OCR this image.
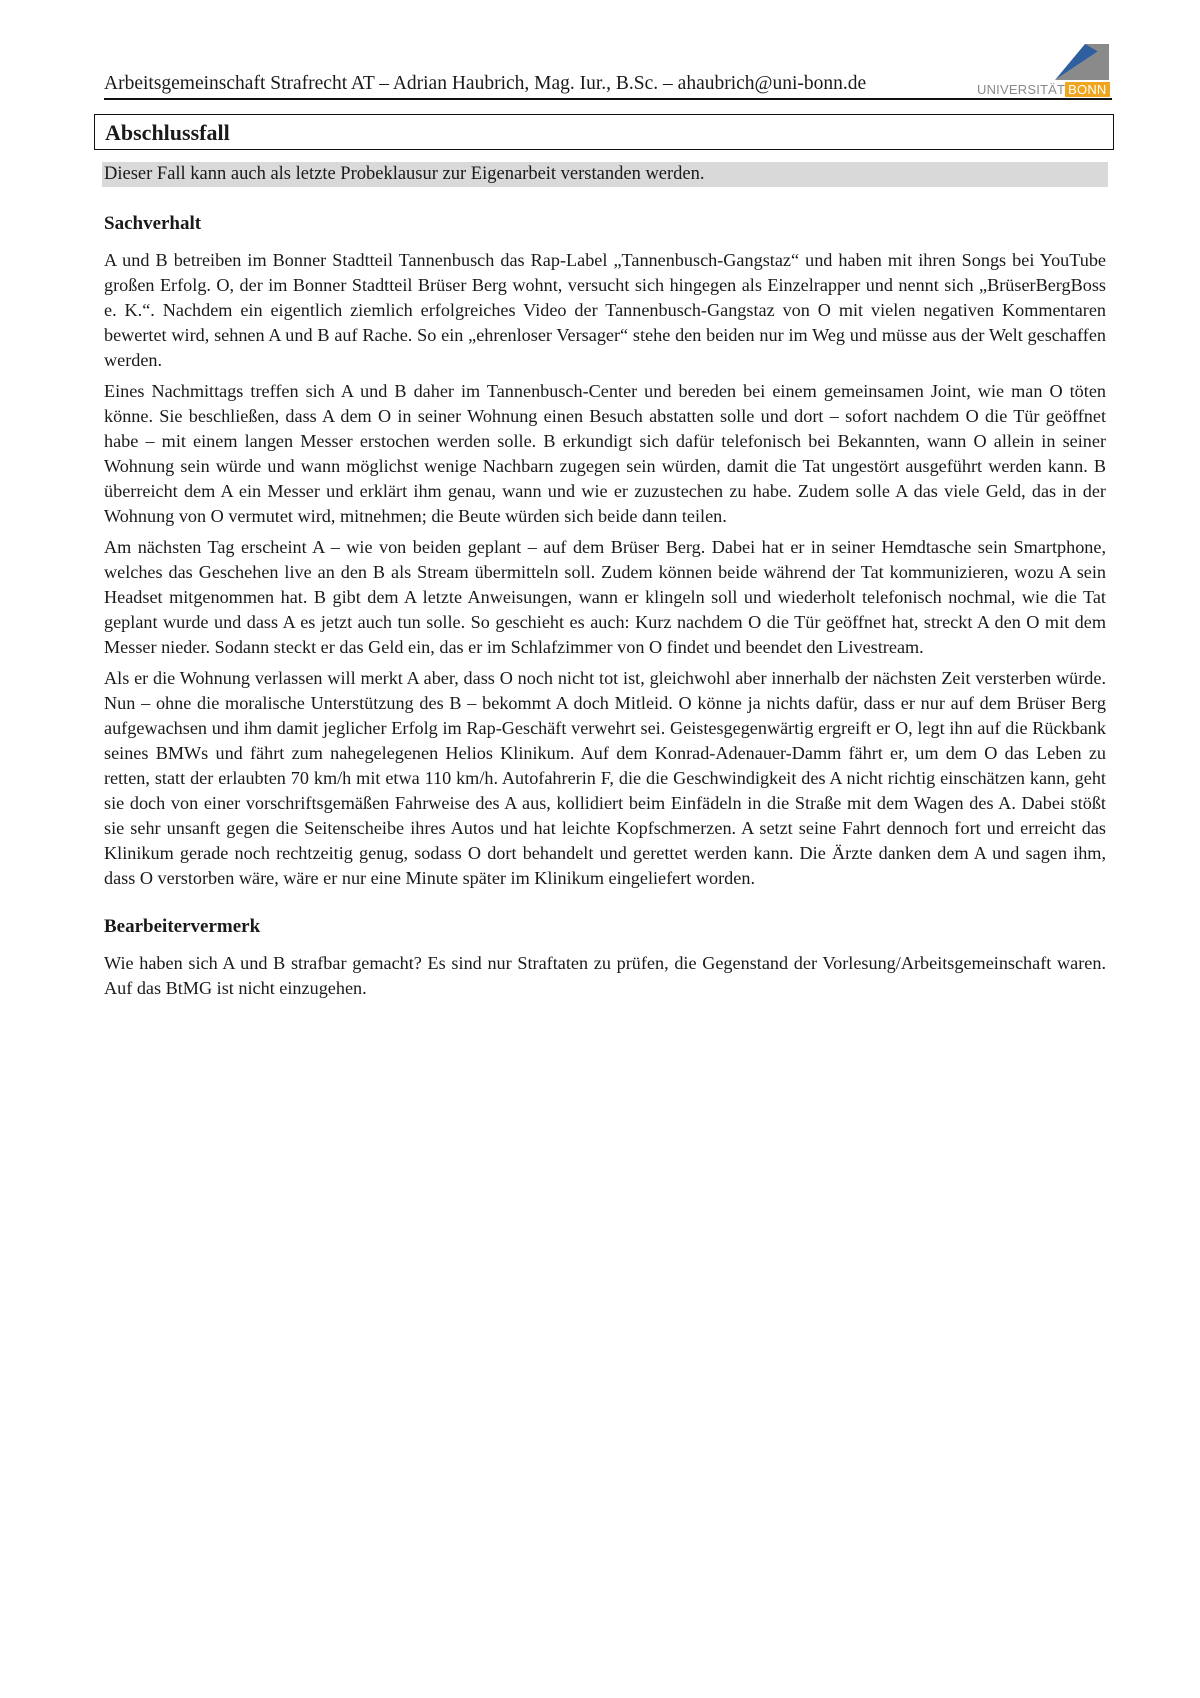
Arbeitsgemeinschaft Strafrecht AT – Adrian Haubrich, Mag. Iur., B.Sc. – ahaubrich@uni-bonn.de	UNIVERSITÄT BONN
Abschlussfall
Dieser Fall kann auch als letzte Probeklausur zur Eigenarbeit verstanden werden.
Sachverhalt

A und B betreiben im Bonner Stadtteil Tannenbusch das Rap-Label „Tannenbusch-Gangstaz“ und haben mit ihren Songs bei YouTube großen Erfolg. O, der im Bonner Stadtteil Brüser Berg wohnt, versucht sich hingegen als Einzelrapper und nennt sich „BrüserBergBoss e. K.“. Nachdem ein eigentlich ziemlich erfolgreiches Video der Tannenbusch-Gangstaz von O mit vielen negativen Kommentaren bewertet wird, sehnen A und B auf Rache. So ein „ehrenloser Versager“ stehe den beiden nur im Weg und müsse aus der Welt geschaffen werden.

Eines Nachmittags treffen sich A und B daher im Tannenbusch-Center und bereden bei einem gemeinsamen Joint, wie man O töten könne. Sie beschließen, dass A dem O in seiner Wohnung einen Besuch abstatten solle und dort – sofort nachdem O die Tür geöffnet habe – mit einem langen Messer erstochen werden solle. B erkundigt sich dafür telefonisch bei Bekannten, wann O allein in seiner Wohnung sein würde und wann möglichst wenige Nachbarn zugegen sein würden, damit die Tat ungestört ausgeführt werden kann. B überreicht dem A ein Messer und erklärt ihm genau, wann und wie er zuzustechen zu habe. Zudem solle A das viele Geld, das in der Wohnung von O vermutet wird, mitnehmen; die Beute würden sich beide dann teilen.

Am nächsten Tag erscheint A – wie von beiden geplant – auf dem Brüser Berg. Dabei hat er in seiner Hemdtasche sein Smartphone, welches das Geschehen live an den B als Stream übermitteln soll. Zudem können beide während der Tat kommunizieren, wozu A sein Headset mitgenommen hat. B gibt dem A letzte Anweisungen, wann er klingeln soll und wiederholt telefonisch nochmal, wie die Tat geplant wurde und dass A es jetzt auch tun solle. So geschieht es auch: Kurz nachdem O die Tür geöffnet hat, streckt A den O mit dem Messer nieder. Sodann steckt er das Geld ein, das er im Schlafzimmer von O findet und beendet den Livestream.

Als er die Wohnung verlassen will merkt A aber, dass O noch nicht tot ist, gleichwohl aber innerhalb der nächsten Zeit versterben würde. Nun – ohne die moralische Unterstützung des B – bekommt A doch Mitleid. O könne ja nichts dafür, dass er nur auf dem Brüser Berg aufgewachsen und ihm damit jeglicher Erfolg im Rap-Geschäft verwehrt sei. Geistesgegenwärtig ergreift er O, legt ihn auf die Rückbank seines BMWs und fährt zum nahegelegenen Helios Klinikum. Auf dem Konrad-Adenauer-Damm fährt er, um dem O das Leben zu retten, statt der erlaubten 70 km/h mit etwa 110 km/h. Autofahrerin F, die die Geschwindigkeit des A nicht richtig einschätzen kann, geht sie doch von einer vorschriftsgemäßen Fahrweise des A aus, kollidiert beim Einfädeln in die Straße mit dem Wagen des A. Dabei stößt sie sehr unsanft gegen die Seitenscheibe ihres Autos und hat leichte Kopfschmerzen. A setzt seine Fahrt dennoch fort und erreicht das Klinikum gerade noch rechtzeitig genug, sodass O dort behandelt und gerettet werden kann. Die Ärzte danken dem A und sagen ihm, dass O verstorben wäre, wäre er nur eine Minute später im Klinikum eingeliefert worden.

Bearbeitervermerk

Wie haben sich A und B strafbar gemacht? Es sind nur Straftaten zu prüfen, die Gegenstand der Vorlesung/Arbeitsgemeinschaft waren. Auf das BtMG ist nicht einzugehen.
